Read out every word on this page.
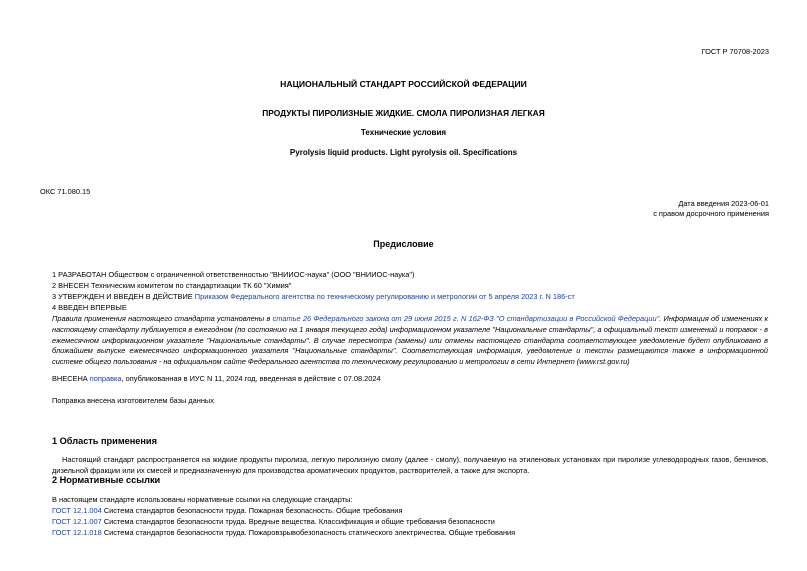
ГОСТ Р 70708-2023
НАЦИОНАЛЬНЫЙ СТАНДАРТ РОССИЙСКОЙ ФЕДЕРАЦИИ
ПРОДУКТЫ ПИРОЛИЗНЫЕ ЖИДКИЕ. СМОЛА ПИРОЛИЗНАЯ ЛЕГКАЯ
Технические условия
Pyrolysis liquid products. Light pyrolysis oil. Specifications
ОКС 71.080.15
Дата введения 2023-06-01
с правом досрочного применения
Предисловие
1 РАЗРАБОТАН Обществом с ограниченной ответственностью "ВНИИОС-наука" (ООО "ВНИИОС-наука")
2 ВНЕСЕН Техническим комитетом по стандартизации ТК 60 "Химия"
3 УТВЕРЖДЕН И ВВЕДЕН В ДЕЙСТВИЕ Приказом Федерального агентства по техническому регулированию и метрологии от 5 апреля 2023 г. N 186-ст
4 ВВЕДЕН ВПЕРВЫЕ
Правила применения настоящего стандарта установлены в статье 26 Федерального закона от 29 июня 2015 г. N 162-ФЗ "О стандартизации в Российской Федерации". Информация об изменениях к настоящему стандарту публикуется в ежегодном (по состоянию на 1 января текущего года) информационном указателе "Национальные стандарты", а официальный текст изменений и поправок - в ежемесячном информационном указателе "Национальные стандарты". В случае пересмотра (замены) или отмены настоящего стандарта соответствующее уведомление будет опубликовано в ближайшем выпуске ежемесячного информационного указателя "Национальные стандарты". Соответствующая информация, уведомление и тексты размещаются также в информационной системе общего пользования - на официальном сайте Федерального агентства по техническому регулированию и метрологии в сети Интернет (www.rst.gov.ru)
ВНЕСЕНА поправка, опубликованная в ИУС N 11, 2024 год, введенная в действие с 07.08.2024
Поправка внесена изготовителем базы данных
1 Область применения
Настоящий стандарт распространяется на жидкие продукты пиролиза, легкую пиролизную смолу (далее - смолу), получаемую на этиленовых установках при пиролизе углеводородных газов, бензинов, дизельной фракции или их смесей и предназначенную для производства ароматических продуктов, растворителей, а также для экспорта.
2 Нормативные ссылки
В настоящем стандарте использованы нормативные ссылки на следующие стандарты:
ГОСТ 12.1.004 Система стандартов безопасности труда. Пожарная безопасность. Общие требования
ГОСТ 12.1.007 Система стандартов безопасности труда. Вредные вещества. Классификация и общие требования безопасности
ГОСТ 12.1.018 Система стандартов безопасности труда. Пожаровзрывобезопасность статического электричества. Общие требования
